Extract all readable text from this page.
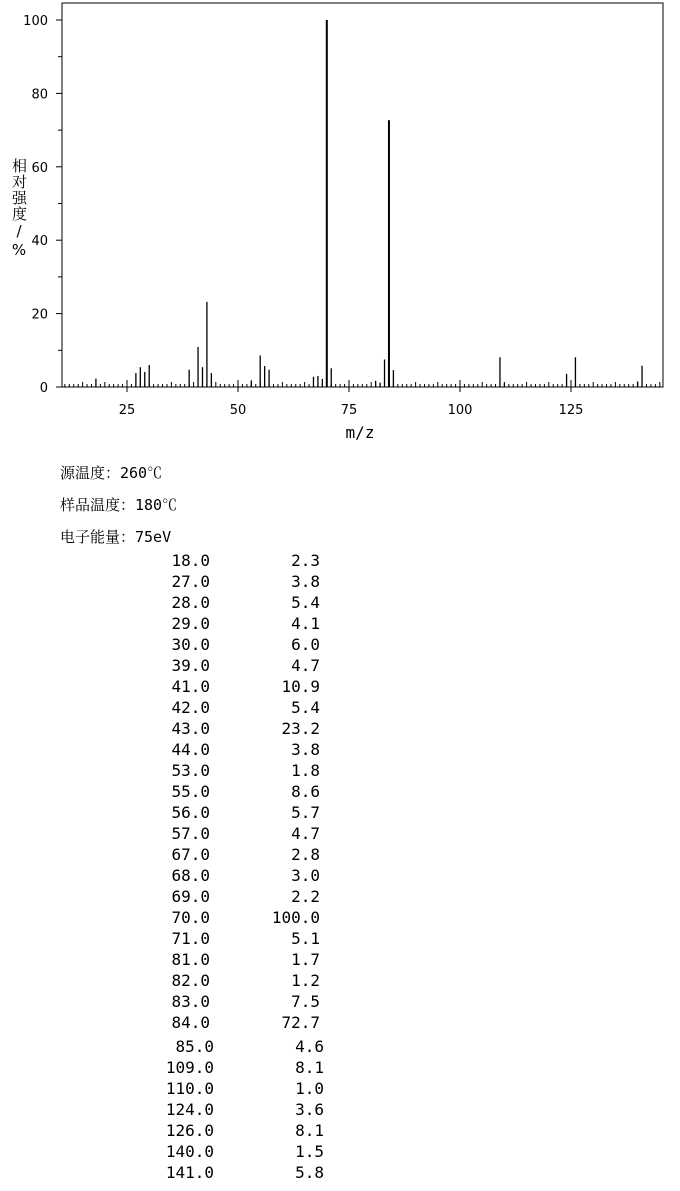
0
20
40
60
80
100
25	50	75	100	125
相对强度/%
m/z
源温度：260℃
样品温度：180℃
电子能量：75eV
18.0	2.3
27.0	3.8
28.0	5.4
29.0	4.1
30.0	6.0
39.0	4.7
41.0	10.9
42.0	5.4
43.0	23.2
44.0	3.8
53.0	1.8
55.0	8.6
56.0	5.7
57.0	4.7
67.0	2.8
68.0	3.0
69.0	2.2
70.0	100.0
71.0	5.1
81.0	1.7
82.0	1.2
83.0	7.5
84.0	72.7
85.0	4.6
109.0	8.1
110.0	1.0
124.0	3.6
126.0	8.1
140.0	1.5
141.0	5.8
